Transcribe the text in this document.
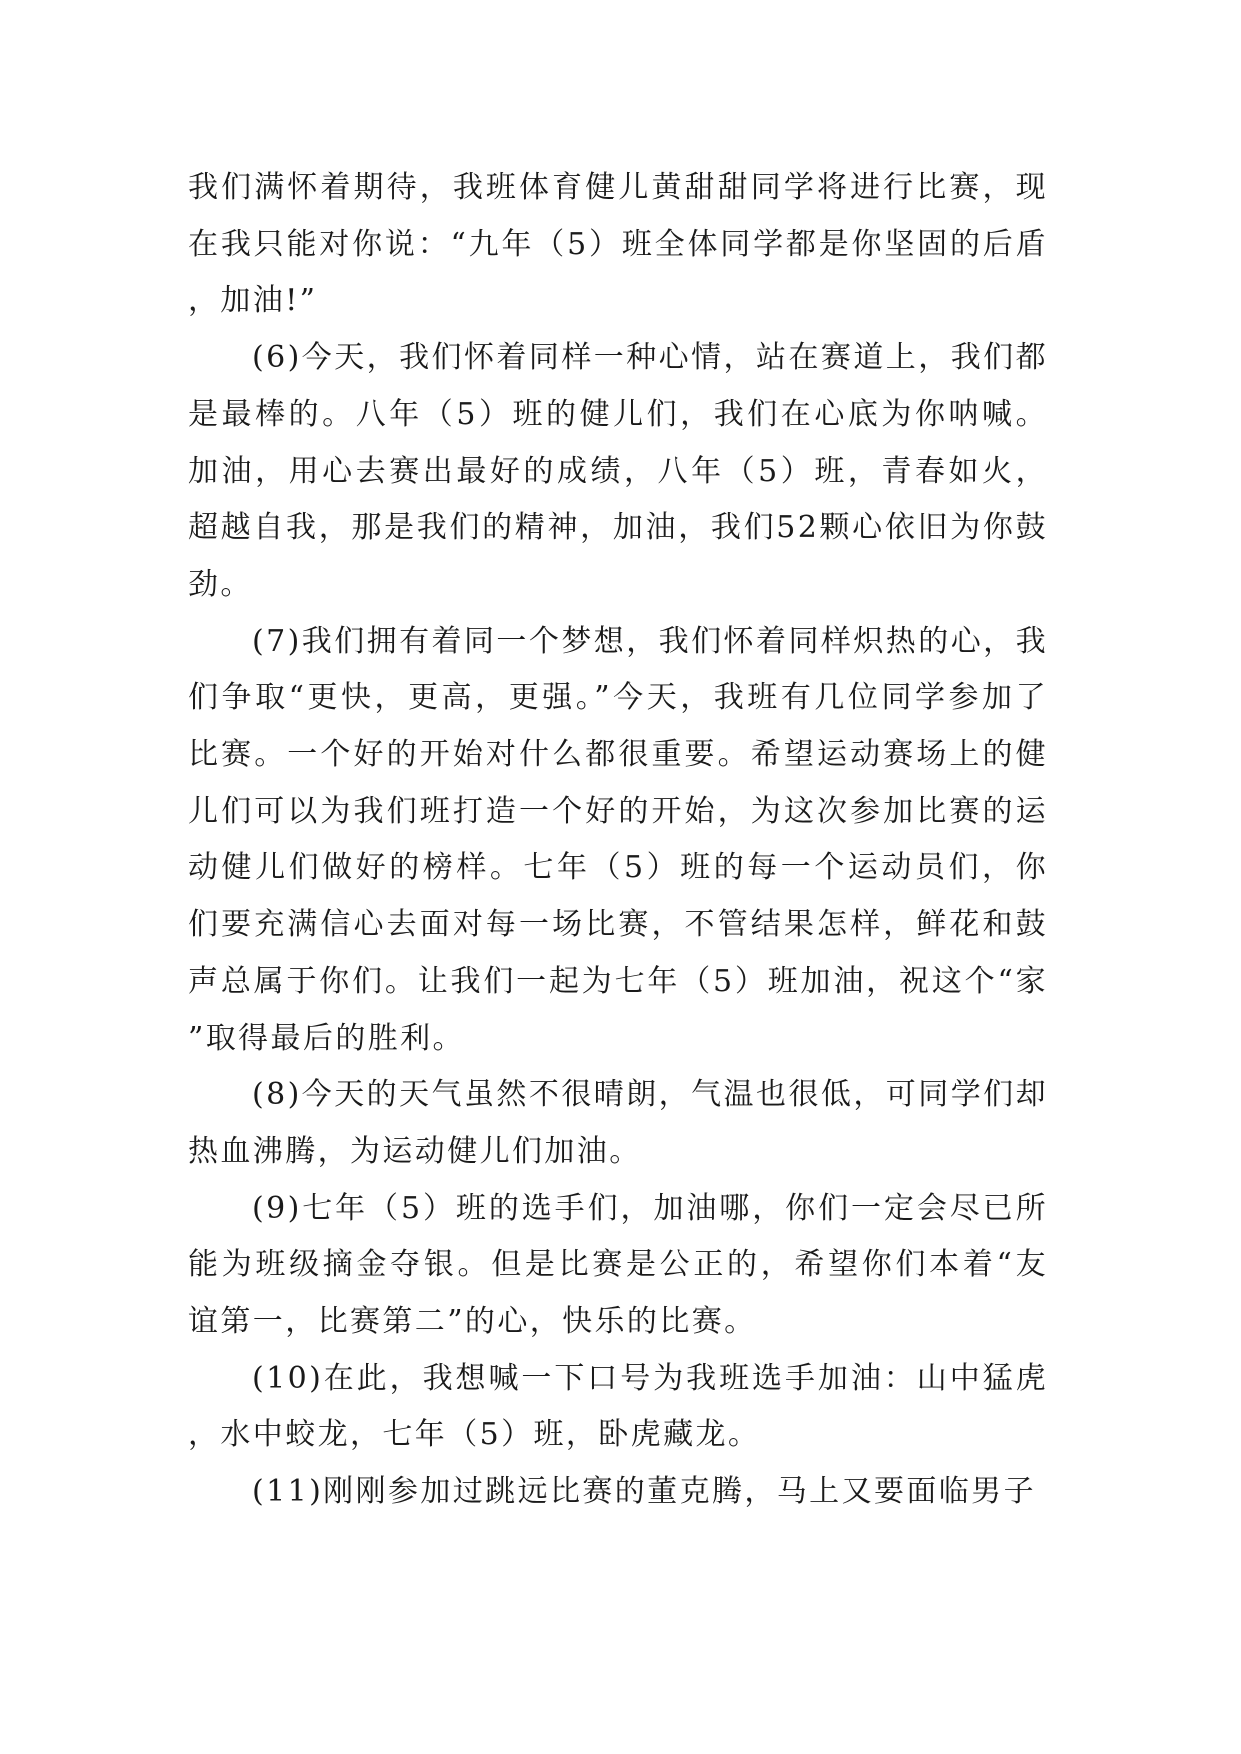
我们满怀着期待，我班体育健儿黄甜甜同学将进行比赛，现在我只能对你说：“九年（5）班全体同学都是你坚固的后盾，加油!”

(6)今天，我们怀着同样一种心情，站在赛道上，我们都是最棒的。八年（5）班的健儿们，我们在心底为你呐喊。加油，用心去赛出最好的成绩，八年（5）班，青春如火，超越自我，那是我们的精神，加油，我们52颗心依旧为你鼓劲。

(7)我们拥有着同一个梦想，我们怀着同样炽热的心，我们争取“更快，更高，更强。”今天，我班有几位同学参加了比赛。一个好的开始对什么都很重要。希望运动赛场上的健儿们可以为我们班打造一个好的开始，为这次参加比赛的运动健儿们做好的榜样。七年（5）班的每一个运动员们，你们要充满信心去面对每一场比赛，不管结果怎样，鲜花和鼓声总属于你们。让我们一起为七年（5）班加油，祝这个“家”取得最后的胜利。

(8)今天的天气虽然不很晴朗，气温也很低，可同学们却热血沸腾，为运动健儿们加油。

(9)七年（5）班的选手们，加油哪，你们一定会尽已所能为班级摘金夺银。但是比赛是公正的，希望你们本着“友谊第一，比赛第二”的心，快乐的比赛。

(10)在此，我想喊一下口号为我班选手加油：山中猛虎，水中蛟龙，七年（5）班，卧虎藏龙。

(11)刚刚参加过跳远比赛的董克腾，马上又要面临男子
